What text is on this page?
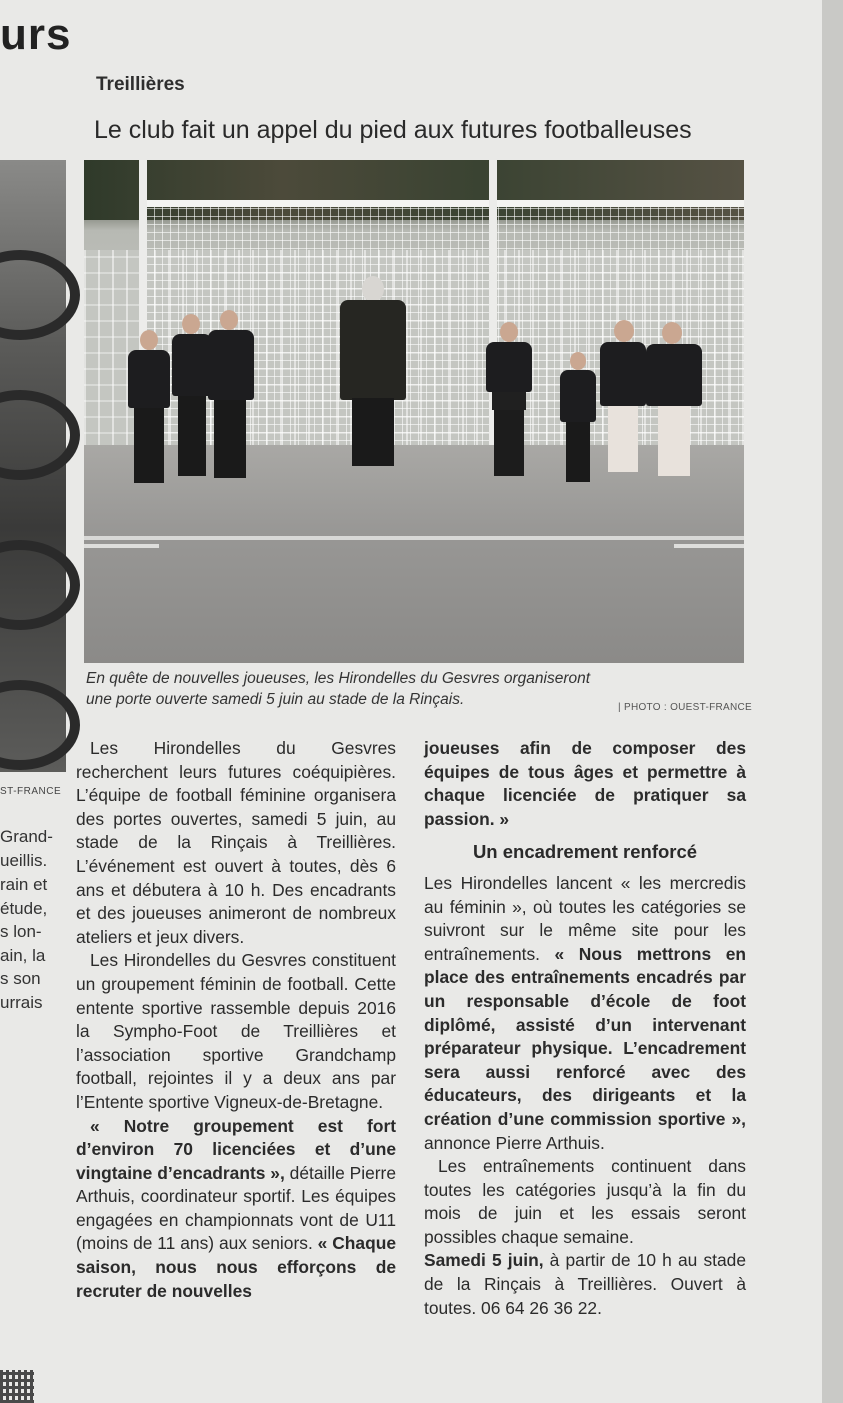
urs
ST-FRANCE
Grand-
ueillis.
rain et
étude,
s lon-
ain, la
s son
urrais
Treillières
Le club fait un appel du pied aux futures footballeuses
En quête de nouvelles joueuses, les Hirondelles du Gesvres organiseront
une porte ouverte samedi 5 juin au stade de la Rinçais.	| PHOTO : OUEST-FRANCE

Les Hirondelles du Gesvres recherchent leurs futures coéquipières. L’équipe de football féminine organisera des portes ouvertes, samedi 5 juin, au stade de la Rinçais à Treillières. L’événement est ouvert à toutes, dès 6 ans et débutera à 10 h. Des encadrants et des joueuses animeront de nombreux ateliers et jeux divers.

Les Hirondelles du Gesvres constituent un groupement féminin de football. Cette entente sportive rassemble depuis 2016 la Sympho-Foot de Treillières et l’association sportive Grandchamp football, rejointes il y a deux ans par l’Entente sportive Vigneux-de-Bretagne.

« Notre groupement est fort d’environ 70 licenciées et d’une vingtaine d’encadrants », détaille Pierre Arthuis, coordinateur sportif. Les équipes engagées en championnats vont de U11 (moins de 11 ans) aux seniors. « Chaque saison, nous nous efforçons de recruter de nouvelles

joueuses afin de composer des équipes de tous âges et permettre à chaque licenciée de pratiquer sa passion. »

Un encadrement renforcé

Les Hirondelles lancent « les mercredis au féminin », où toutes les catégories se suivront sur le même site pour les entraînements. « Nous mettrons en place des entraînements encadrés par un responsable d’école de foot diplômé, assisté d’un intervenant préparateur physique. L’encadrement sera aussi renforcé avec des éducateurs, des dirigeants et la création d’une commission sportive », annonce Pierre Arthuis.

Les entraînements continuent dans toutes les catégories jusqu’à la fin du mois de juin et les essais seront possibles chaque semaine.

Samedi 5 juin, à partir de 10 h au stade de la Rinçais à Treillières. Ouvert à toutes. 06 64 26 36 22.
